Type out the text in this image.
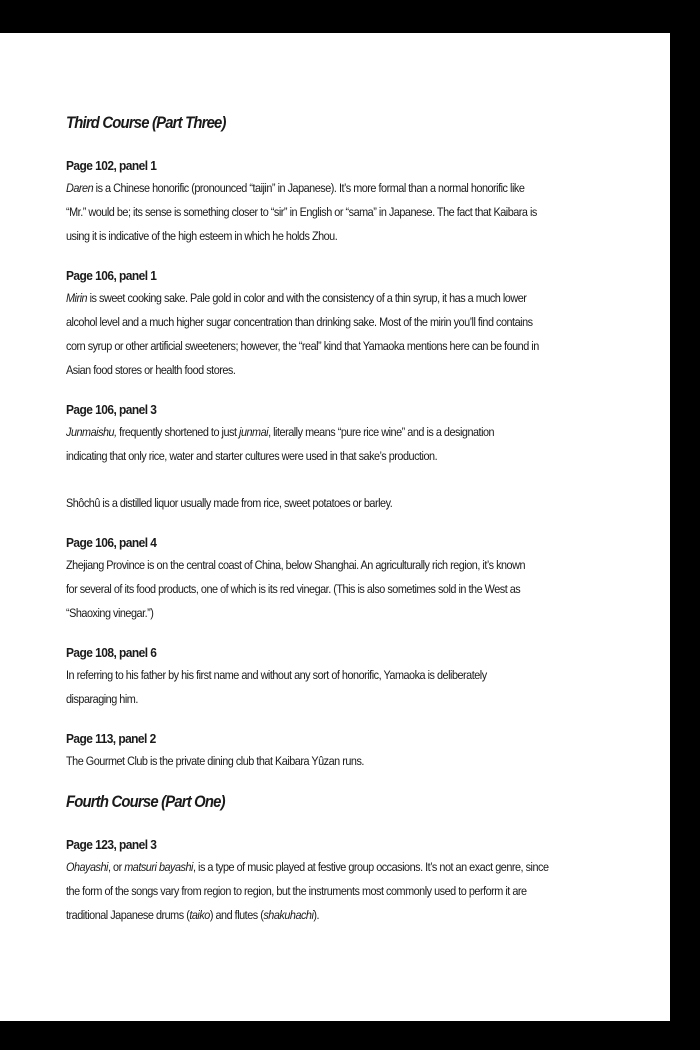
Third Course (Part Three)
Page 102, panel 1
Daren is a Chinese honorific (pronounced “taijin” in Japanese). It’s more formal than a normal honorific like
“Mr.” would be; its sense is something closer to “sir” in English or “sama” in Japanese. The fact that Kaibara is
using it is indicative of the high esteem in which he holds Zhou.
Page 106, panel 1
Mirin is sweet cooking sake. Pale gold in color and with the consistency of a thin syrup, it has a much lower
alcohol level and a much higher sugar concentration than drinking sake. Most of the mirin you’ll find contains
corn syrup or other artificial sweeteners; however, the “real” kind that Yamaoka mentions here can be found in
Asian food stores or health food stores.
Page 106, panel 3
Junmaishu, frequently shortened to just junmai, literally means “pure rice wine” and is a designation
indicating that only rice, water and starter cultures were used in that sake’s production.
Shôchû is a distilled liquor usually made from rice, sweet potatoes or barley.
Page 106, panel 4
Zhejiang Province is on the central coast of China, below Shanghai. An agriculturally rich region, it’s known
for several of its food products, one of which is its red vinegar. (This is also sometimes sold in the West as
“Shaoxing vinegar.”)
Page 108, panel 6
In referring to his father by his first name and without any sort of honorific, Yamaoka is deliberately
disparaging him.
Page 113, panel 2
The Gourmet Club is the private dining club that Kaibara Yûzan runs.
Fourth Course (Part One)
Page 123, panel 3
Ohayashi, or matsuri bayashi, is a type of music played at festive group occasions. It’s not an exact genre, since
the form of the songs vary from region to region, but the instruments most commonly used to perform it are
traditional Japanese drums (taiko) and flutes (shakuhachi).
